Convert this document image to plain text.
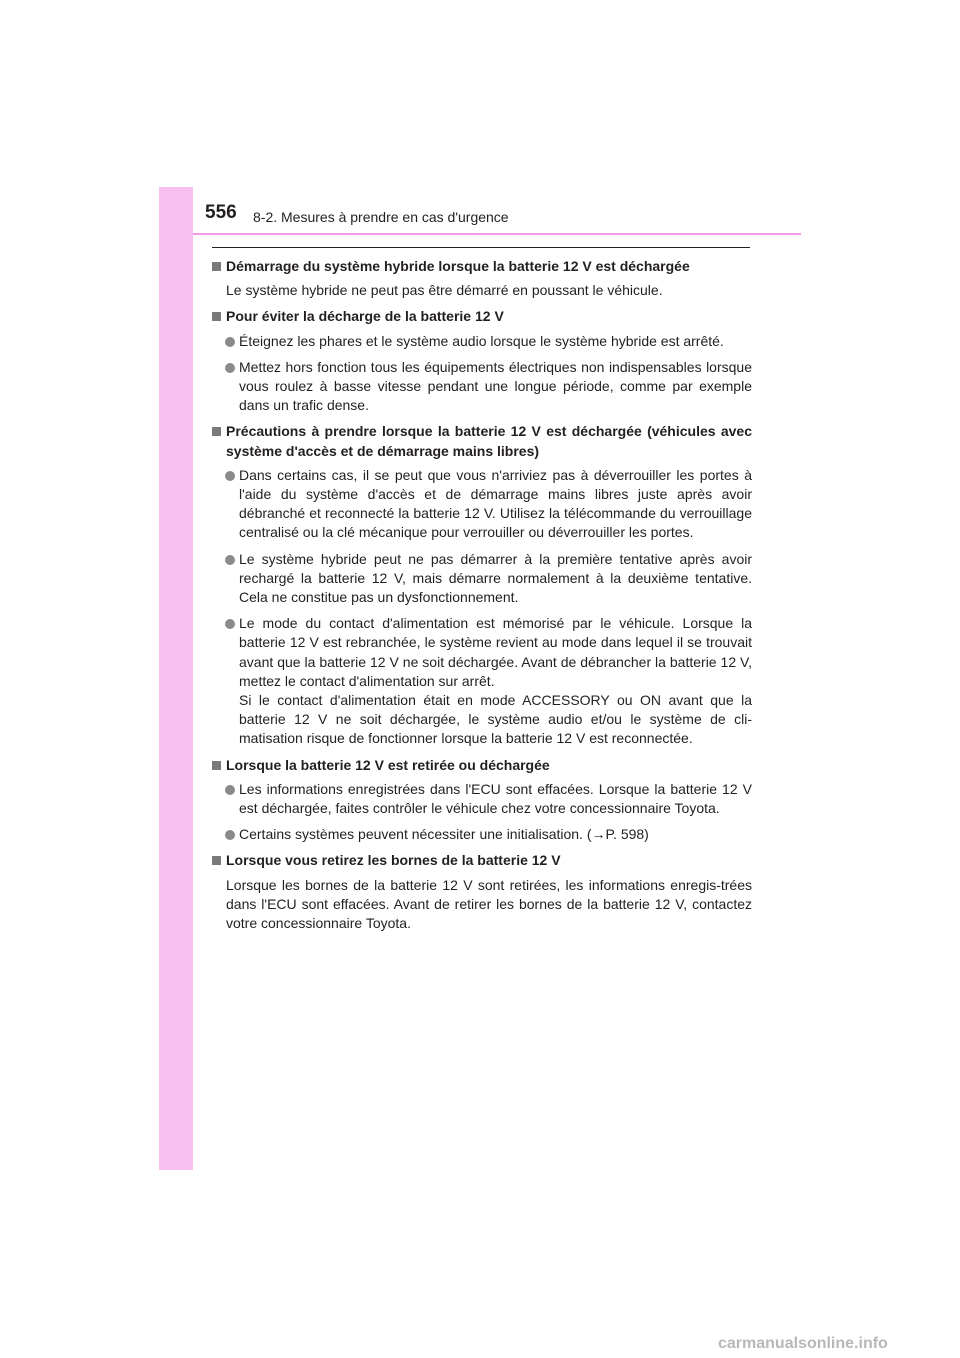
556 8-2. Mesures à prendre en cas d'urgence
Démarrage du système hybride lorsque la batterie 12 V est déchargée
Le système hybride ne peut pas être démarré en poussant le véhicule.
Pour éviter la décharge de la batterie 12 V
Éteignez les phares et le système audio lorsque le système hybride est arrêté.
Mettez hors fonction tous les équipements électriques non indispensables lorsque vous roulez à basse vitesse pendant une longue période, comme par exemple dans un trafic dense.
Précautions à prendre lorsque la batterie 12 V est déchargée (véhicules avec système d'accès et de démarrage mains libres)
Dans certains cas, il se peut que vous n'arriviez pas à déverrouiller les portes à l'aide du système d'accès et de démarrage mains libres juste après avoir débranché et reconnecté la batterie 12 V. Utilisez la télécommande du verrouillage centralisé ou la clé mécanique pour verrouiller ou déverrouiller les portes.
Le système hybride peut ne pas démarrer à la première tentative après avoir rechargé la batterie 12 V, mais démarre normalement à la deuxième tentative. Cela ne constitue pas un dysfonctionnement.
Le mode du contact d'alimentation est mémorisé par le véhicule. Lorsque la batterie 12 V est rebranchée, le système revient au mode dans lequel il se trouvait avant que la batterie 12 V ne soit déchargée. Avant de débrancher la batterie 12 V, mettez le contact d'alimentation sur arrêt.
Si le contact d'alimentation était en mode ACCESSORY ou ON avant que la batterie 12 V ne soit déchargée, le système audio et/ou le système de cli-matisation risque de fonctionner lorsque la batterie 12 V est reconnectée.
Lorsque la batterie 12 V est retirée ou déchargée
Les informations enregistrées dans l'ECU sont effacées. Lorsque la batterie 12 V est déchargée, faites contrôler le véhicule chez votre concessionnaire Toyota.
Certains systèmes peuvent nécessiter une initialisation. (→P. 598)
Lorsque vous retirez les bornes de la batterie 12 V
Lorsque les bornes de la batterie 12 V sont retirées, les informations enregis-trées dans l'ECU sont effacées. Avant de retirer les bornes de la batterie 12 V, contactez votre concessionnaire Toyota.
carmanualsonline.info
